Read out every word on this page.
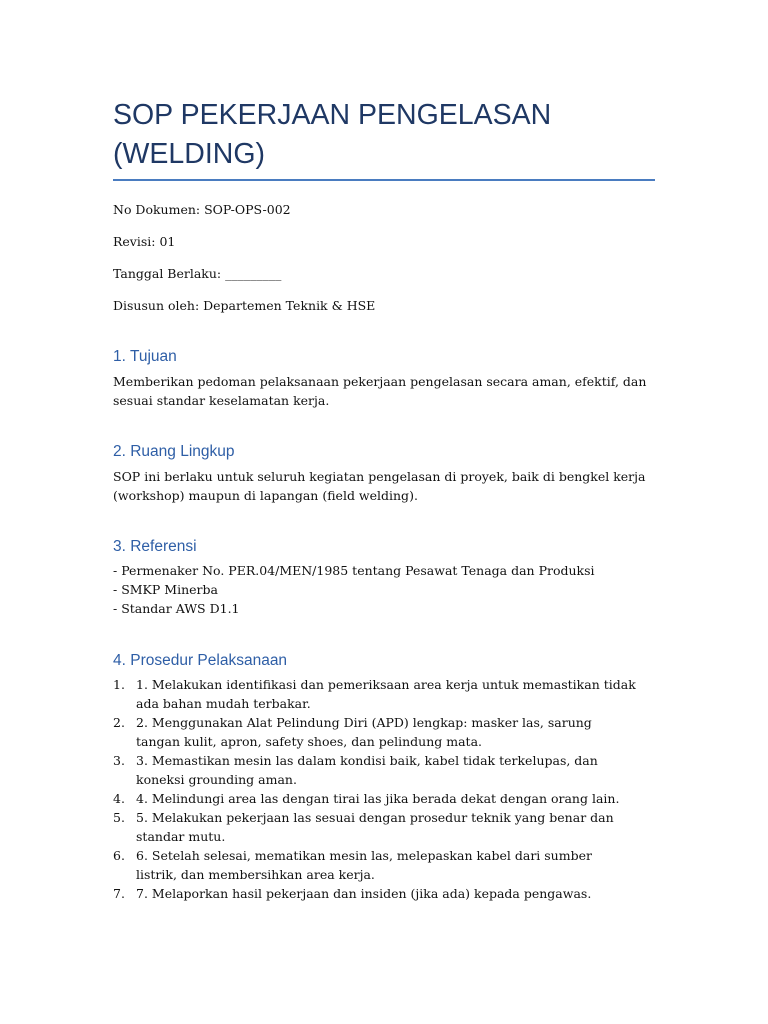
SOP PEKERJAAN PENGELASAN (WELDING)

No Dokumen: SOP-OPS-002

Revisi: 01

Tanggal Berlaku: _________

Disusun oleh: Departemen Teknik & HSE

1. Tujuan

Memberikan pedoman pelaksanaan pekerjaan pengelasan secara aman, efektif, dan sesuai standar keselamatan kerja.

2. Ruang Lingkup

SOP ini berlaku untuk seluruh kegiatan pengelasan di proyek, baik di bengkel kerja (workshop) maupun di lapangan (field welding).

3. Referensi
- Permenaker No. PER.04/MEN/1985 tentang Pesawat Tenaga dan Produksi
- SMKP Minerba
- Standar AWS D1.1
4. Prosedur Pelaksanaan
1. 1. Melakukan identifikasi dan pemeriksaan area kerja untuk memastikan tidak ada bahan mudah terbakar.
2. 2. Menggunakan Alat Pelindung Diri (APD) lengkap: masker las, sarung tangan kulit, apron, safety shoes, dan pelindung mata.
3. 3. Memastikan mesin las dalam kondisi baik, kabel tidak terkelupas, dan koneksi grounding aman.
4. 4. Melindungi area las dengan tirai las jika berada dekat dengan orang lain.
5. 5. Melakukan pekerjaan las sesuai dengan prosedur teknik yang benar dan standar mutu.
6. 6. Setelah selesai, mematikan mesin las, melepaskan kabel dari sumber listrik, dan membersihkan area kerja.
7. 7. Melaporkan hasil pekerjaan dan insiden (jika ada) kepada pengawas.
